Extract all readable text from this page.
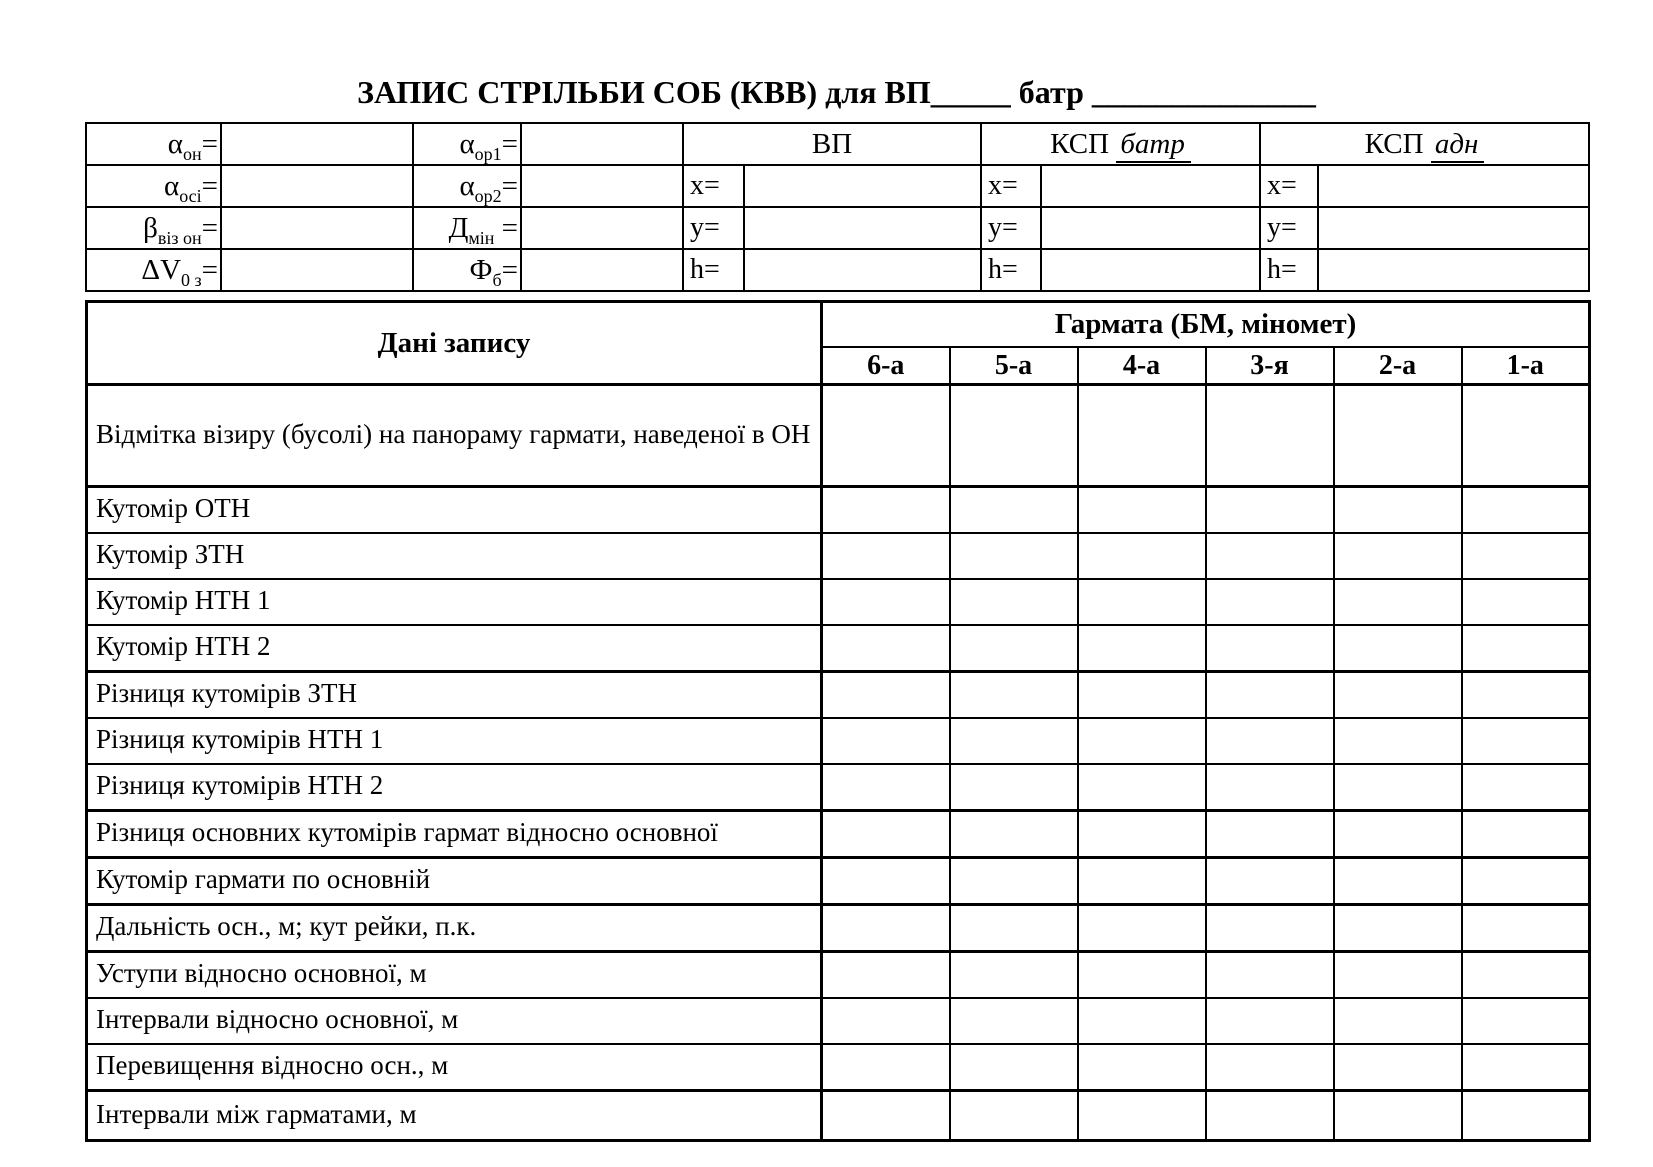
ЗАПИС СТРІЛЬБИ СОБ (КВВ) для ВП_____ батр ______________
$\alpha_{он}=$		$\alpha_{ор1}=$		ВП		КСП батр		КСП адн	
$\alpha_{осі}=$		$\alpha_{ор2}=$		x=		x=		x=	
$\beta_{віз он}=$		$Д_{мін}$ =		y=		y=		y=	
$\Delta V_{0 з}=$		$Ф_б=$		h=		h=		h=	
Дані запису	Гармата (БМ, міномет)					
	6-а	5-а	4-а	3-я	2-а	1-а
Відмітка візиру (бусолі) на панораму гармати, наведеної в ОН						
Кутомір ОТН						
Кутомір ЗТН						
Кутомір НТН 1						
Кутомір НТН 2						
Різниця кутомірів ЗТН						
Різниця кутомірів НТН 1						
Різниця кутомірів НТН 2						
Різниця основних кутомірів гармат відносно основної						
Кутомір гармати по основній						
Дальність осн., м; кут рейки, п.к.						
Уступи відносно основної, м						
Інтервали відносно основної, м						
Перевищення відносно осн., м						
Інтервали між гарматами, м						
